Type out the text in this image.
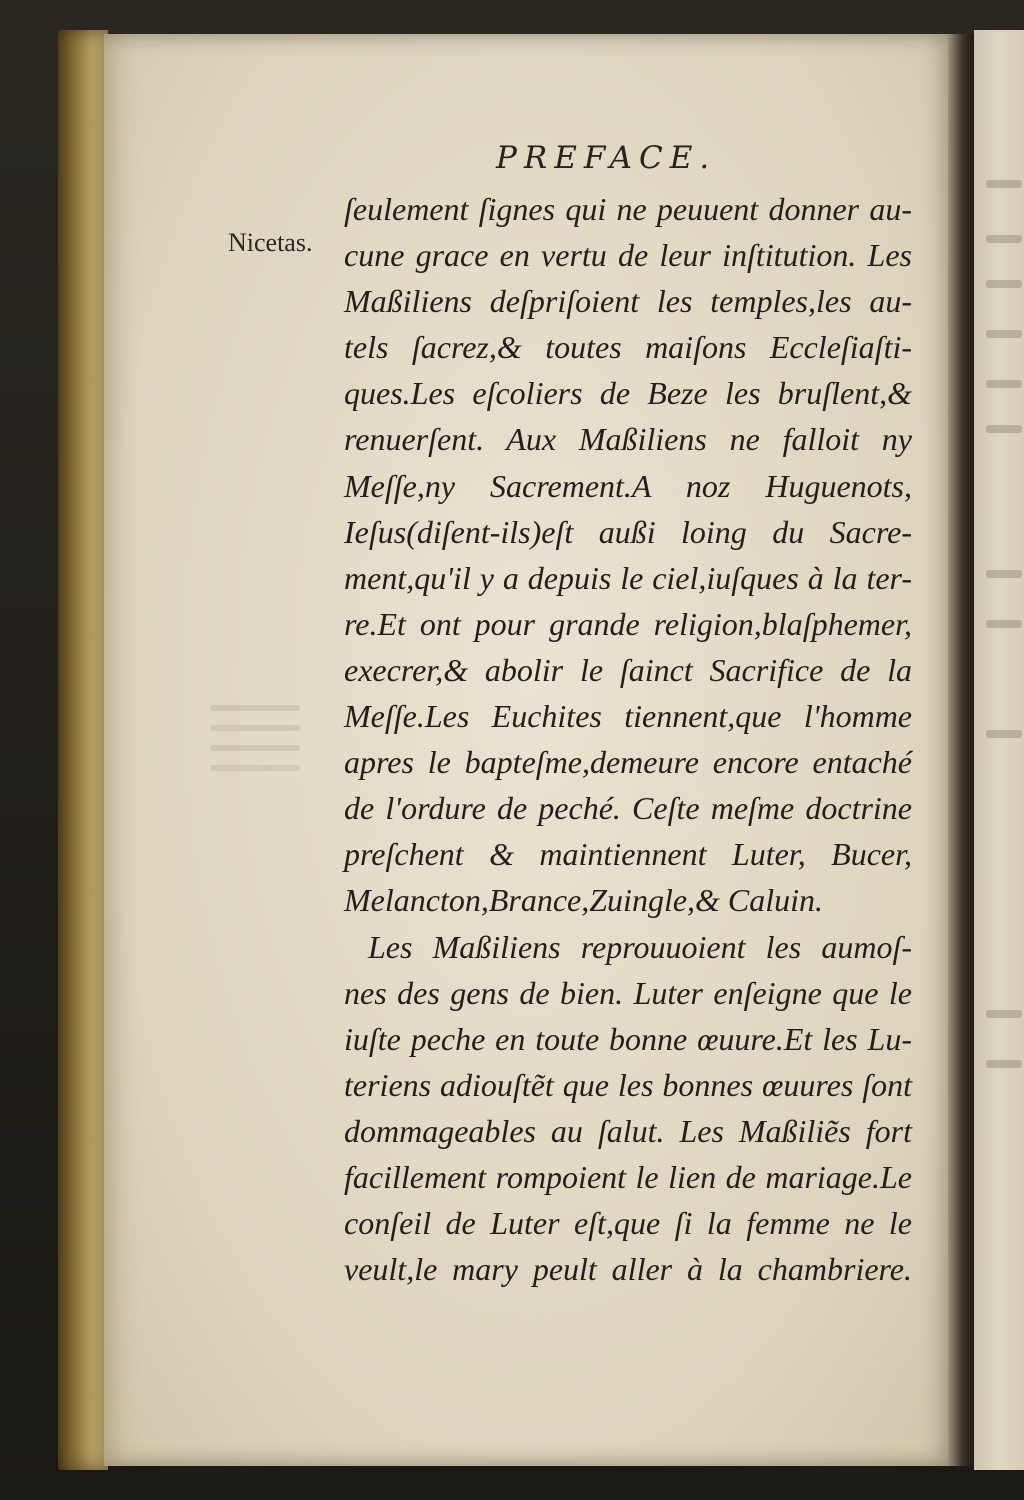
PREFACE.
Nicetas.
ſeulement ſignes qui ne peuuent donner au-
cune grace en vertu de leur inſtitution. Les
Maßiliens deſpriſoient les temples,les au-
tels ſacrez,& toutes maiſons Eccleſiaſti-
ques.Les eſcoliers de Beze les bruſlent,&
renuerſent. Aux Maßiliens ne falloit ny
Meſſe,ny Sacrement.A noz Huguenots,
Ieſus(diſent-ils)eſt außi loing du Sacre-
ment,qu'il y a depuis le ciel,iuſques à la ter-
re.Et ont pour grande religion,blaſphemer,
execrer,& abolir le ſainct Sacrifice de la
Meſſe.Les Euchites tiennent,que l'homme
apres le bapteſme,demeure encore entaché
de l'ordure de peché. Ceſte meſme doctrine
preſchent & maintiennent Luter, Bucer,
Melancton,Brance,Zuingle,& Caluin.
Les Maßiliens reprouuoient les aumoſ-
nes des gens de bien. Luter enſeigne que le
iuſte peche en toute bonne œuure.Et les Lu-
teriens adiouſtẽt que les bonnes œuures ſont
dommageables au ſalut. Les Maßiliẽs fort
facillement rompoient le lien de mariage.Le
conſeil de Luter eſt,que ſi la femme ne le
veult,le mary peult aller à la chambriere.
